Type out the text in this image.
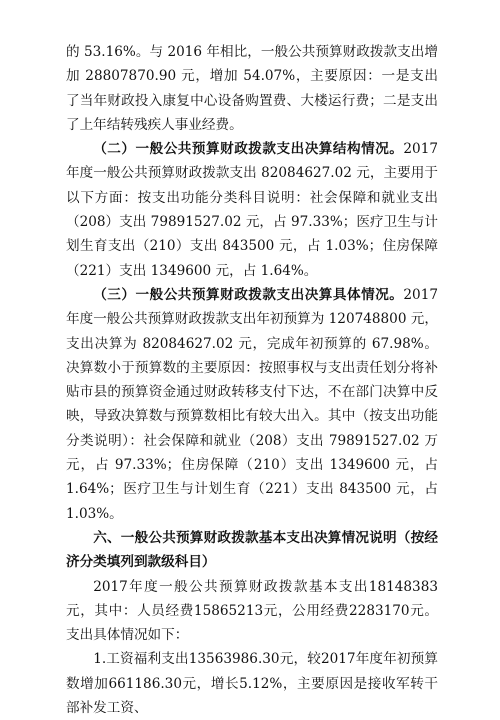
的 53.16%。与 2016 年相比，一般公共预算财政拨款支出增加 28807870.90 元，增加 54.07%，主要原因：一是支出了当年财政投入康复中心设备购置费、大楼运行费；二是支出了上年结转残疾人事业经费。

（二）一般公共预算财政拨款支出决算结构情况。2017 年度一般公共预算财政拨款支出 82084627.02 元，主要用于以下方面：按支出功能分类科目说明：社会保障和就业支出（208）支出 79891527.02 元，占 97.33%；医疗卫生与计划生育支出（210）支出 843500 元，占 1.03%；住房保障（221）支出 1349600 元，占 1.64%。

（三）一般公共预算财政拨款支出决算具体情况。2017 年度一般公共预算财政拨款支出年初预算为 120748800 元，支出决算为 82084627.02 元，完成年初预算的 67.98%。决算数小于预算数的主要原因：按照事权与支出责任划分将补贴市县的预算资金通过财政转移支付下达，不在部门决算中反映，导致决算数与预算数相比有较大出入。其中（按支出功能分类说明）：社会保障和就业（208）支出 79891527.02 万元，占 97.33%；住房保障（210）支出 1349600 元，占 1.64%；医疗卫生与计划生育（221）支出 843500 元，占 1.03%。

六、一般公共预算财政拨款基本支出决算情况说明（按经济分类填列到款级科目）

2017年度一般公共预算财政拨款基本支出18148383元，其中：人员经费15865213元，公用经费2283170元。支出具体情况如下：

1.工资福利支出13563986.30元，较2017年度年初预算数增加661186.30元，增长5.12%，主要原因是接收军转干部补发工资、
